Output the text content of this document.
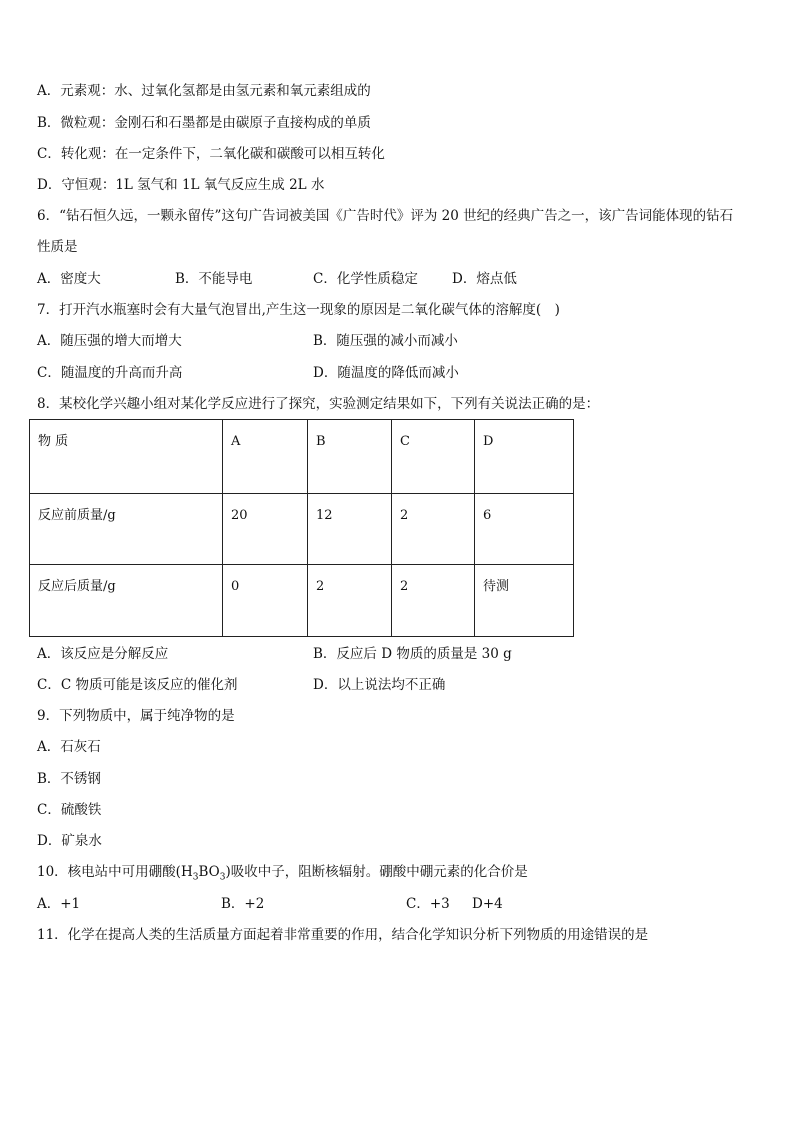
A．元素观：水、过氧化氢都是由氢元素和氧元素组成的
B．微粒观：金刚石和石墨都是由碳原子直接构成的单质
C．转化观：在一定条件下，二氧化碳和碳酸可以相互转化
D．守恒观：1L 氢气和 1L 氧气反应生成 2L 水
6．“钻石恒久远，一颗永留传”这句广告词被美国《广告时代》评为 20 世纪的经典广告之一，该广告词能体现的钻石
性质是
A．密度大	B．不能导电	C．化学性质稳定	D．熔点低
7．打开汽水瓶塞时会有大量气泡冒出,产生这一现象的原因是二氧化碳气体的溶解度(　)
A．随压强的增大而增大	B．随压强的减小而减小
C．随温度的升高而升高	D．随温度的降低而减小
8．某校化学兴趣小组对某化学反应进行了探究，实验测定结果如下，下列有关说法正确的是：
物 质	A	B	C	D
反应前质量/g	20	12	2	6
反应后质量/g	0	2	2	待测
A．该反应是分解反应	B．反应后 D 物质的质量是 30 g
C．C 物质可能是该反应的催化剂	D．以上说法均不正确
9．下列物质中，属于纯净物的是
A．石灰石
B．不锈钢
C．硫酸铁
D．矿泉水
10．核电站中可用硼酸$(H_3BO_3)$吸收中子，阻断核辐射。硼酸中硼元素的化合价是
A．+1	B．+2	C．+3 D+4
11．化学在提高人类的生活质量方面起着非常重要的作用，结合化学知识分析下列物质的用途错误的是
